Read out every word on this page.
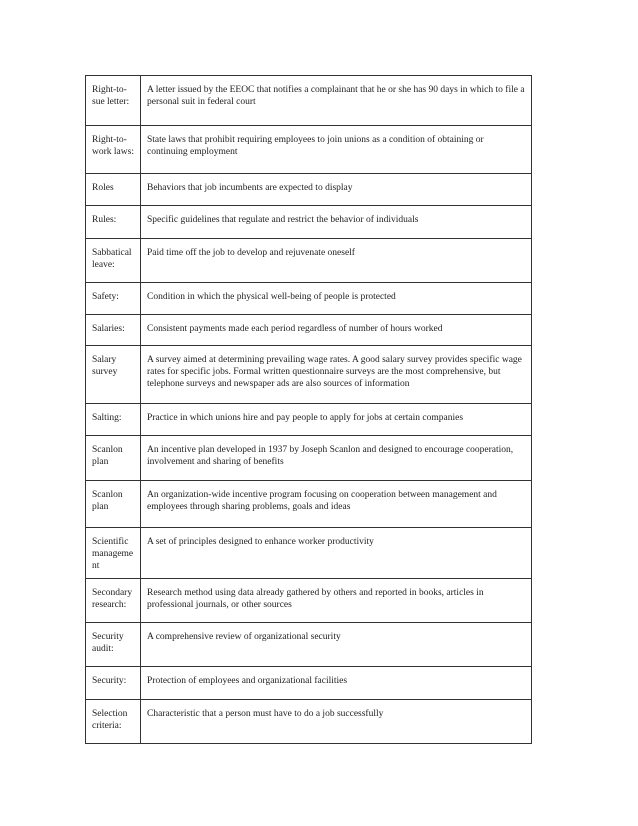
Right-to-sue letter:	A letter issued by the EEOC that notifies a complainant that he or she has 90 days in which to file a personal suit in federal court
Right-to-work laws:	State laws that prohibit requiring employees to join unions as a condition of obtaining or continuing employment
Roles	Behaviors that job incumbents are expected to display
Rules:	Specific guidelines that regulate and restrict the behavior of individuals
Sabbatical leave:	Paid time off the job to develop and rejuvenate oneself
Safety:	Condition in which the physical well-being of people is protected
Salaries:	Consistent payments made each period regardless of number of hours worked
Salary survey	A survey aimed at determining prevailing wage rates. A good salary survey provides specific wage rates for specific jobs. Formal written questionnaire surveys are the most comprehensive, but telephone surveys and newspaper ads are also sources of information
Salting:	Practice in which unions hire and pay people to apply for jobs at certain companies
Scanlon plan	An incentive plan developed in 1937 by Joseph Scanlon and designed to encourage cooperation, involvement and sharing of benefits
Scanlon plan	An organization-wide incentive program focusing on cooperation between management and employees through sharing problems, goals and ideas
Scientific management	A set of principles designed to enhance worker productivity
Secondary research:	Research method using data already gathered by others and reported in books, articles in professional journals, or other sources
Security audit:	A comprehensive review of organizational security
Security:	Protection of employees and organizational facilities
Selection criteria:	Characteristic that a person must have to do a job successfully
